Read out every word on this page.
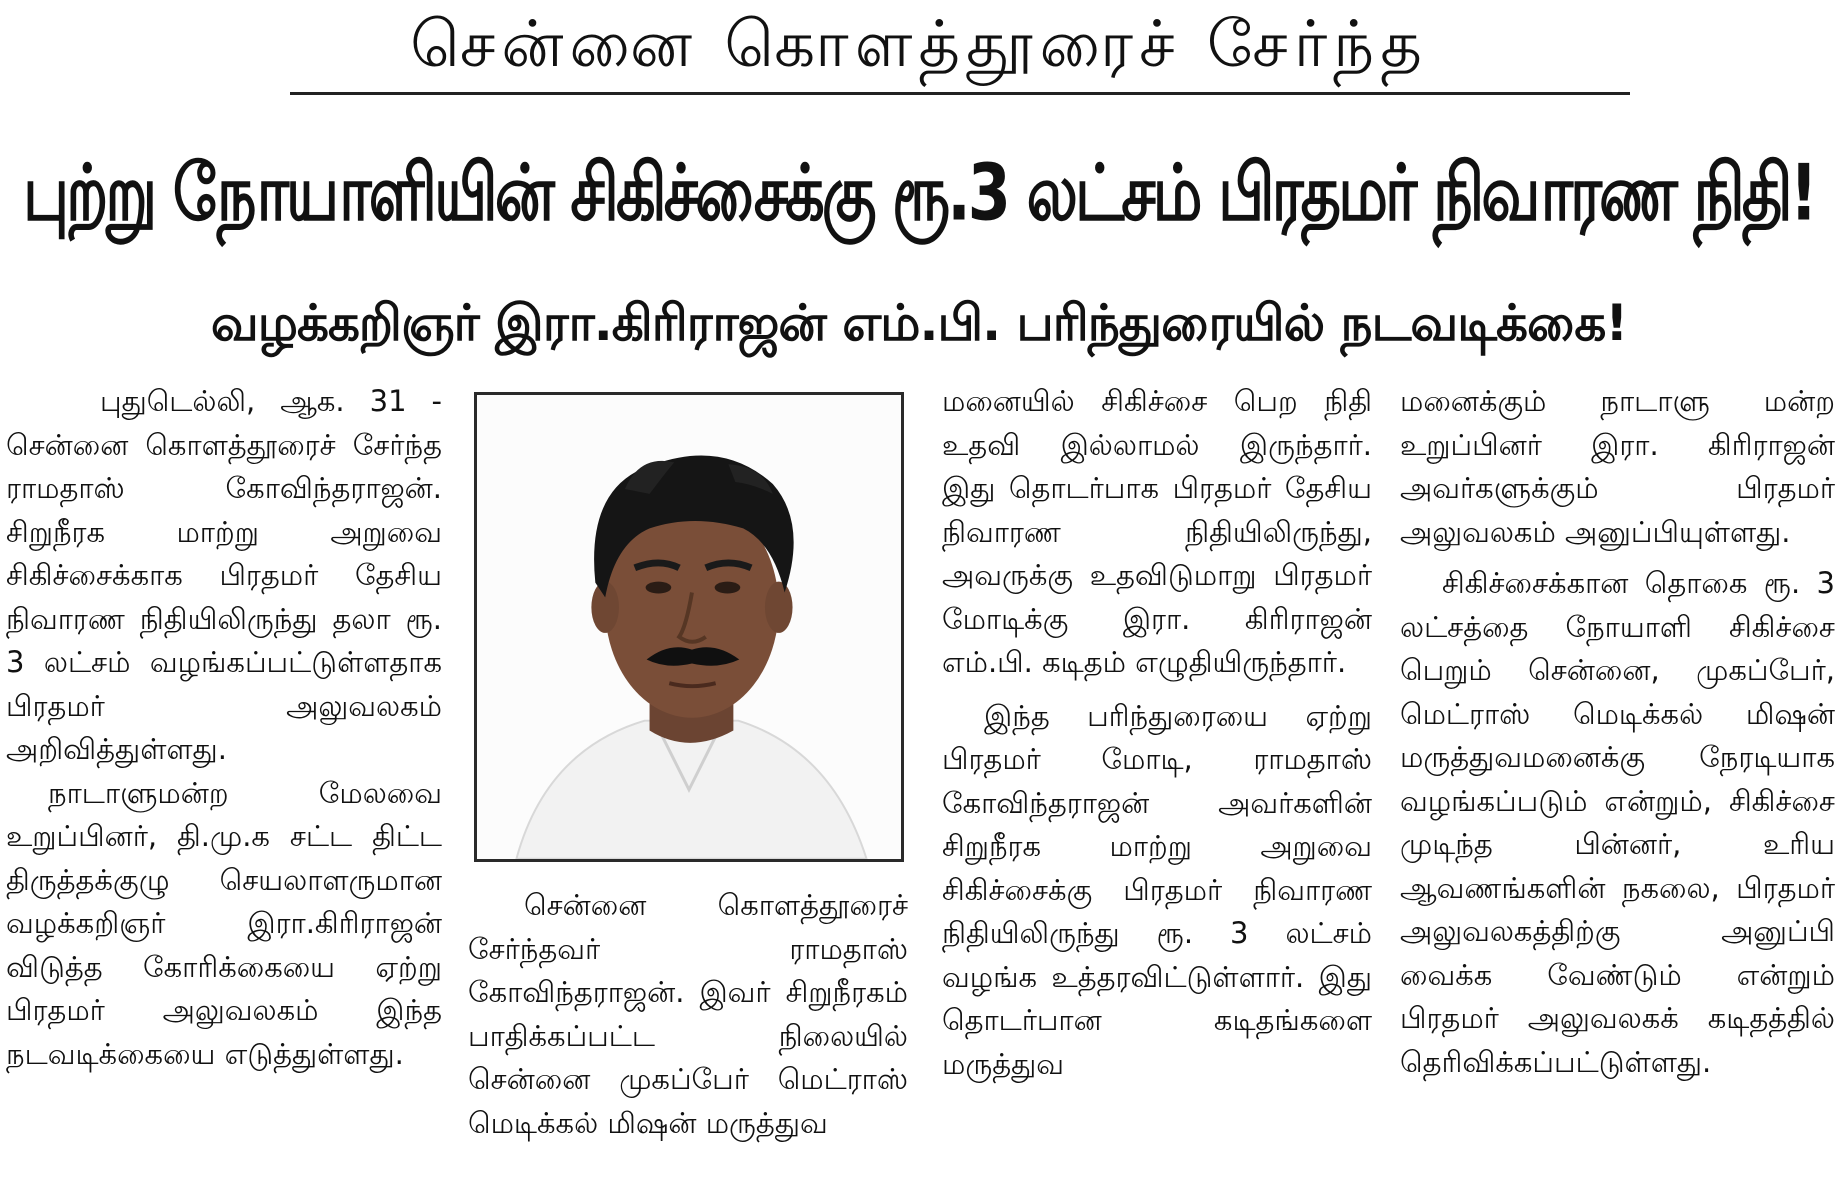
சென்னை கொளத்தூரைச் சேர்ந்த
புற்று நோயாளியின் சிகிச்சைக்கு ரூ.3 லட்சம் பிரதமர் நிவாரண நிதி!
வழக்கறிஞர் இரா.கிரிராஜன் எம்.பி. பரிந்துரையில் நடவடிக்கை!

புதுடெல்லி, ஆக. 31 - சென்னை கொளத்தூரைச் சேர்ந்த ராமதாஸ் கோவிந்தராஜன். சிறுநீரக மாற்று அறுவை சிகிச்சைக்காக பிரதமர் தேசிய நிவாரண நிதியிலிருந்து தலா ரூ. 3 லட்சம் வழங்கப்பட்டுள்ளதாக பிரதமர் அலுவலகம் அறிவித்துள்ளது.

நாடாளுமன்ற மேலவை உறுப்பினர், தி.மு.க சட்ட திட்ட திருத்தக்குழு செயலாளருமான வழக்கறிஞர் இரா.கிரிராஜன் விடுத்த கோரிக்கையை ஏற்று பிரதமர் அலுவலகம் இந்த நடவடிக்கையை எடுத்துள்ளது.

சென்னை கொளத்தூரைச் சேர்ந்தவர் ராமதாஸ் கோவிந்தராஜன். இவர் சிறுநீரகம் பாதிக்கப்பட்ட நிலையில் சென்னை முகப்பேர் மெட்ராஸ் மெடிக்கல் மிஷன் மருத்துவ

மனையில் சிகிச்சை பெற நிதி உதவி இல்லாமல் இருந்தார். இது தொடர்பாக பிரதமர் தேசிய நிவாரண நிதியிலிருந்து, அவருக்கு உதவிடுமாறு பிரதமர் மோடிக்கு இரா. கிரிராஜன் எம்.பி. கடிதம் எழுதியிருந்தார்.

இந்த பரிந்துரையை ஏற்று பிரதமர் மோடி, ராமதாஸ் கோவிந்தராஜன் அவர்களின் சிறுநீரக மாற்று அறுவை சிகிச்சைக்கு பிரதமர் நிவாரண நிதியிலிருந்து ரூ. 3 லட்சம் வழங்க உத்தரவிட்டுள்ளார். இது தொடர்பான கடிதங்களை மருத்துவ

மனைக்கும் நாடாளு மன்ற உறுப்பினர் இரா. கிரிராஜன் அவர்களுக்கும் பிரதமர் அலுவலகம் அனுப்பியுள்ளது.

சிகிச்சைக்கான தொகை ரூ. 3 லட்சத்தை நோயாளி சிகிச்சை பெறும் சென்னை, முகப்பேர், மெட்ராஸ் மெடிக்கல் மிஷன் மருத்துவமனைக்கு நேரடியாக வழங்கப்படும் என்றும், சிகிச்சை முடிந்த பின்னர், உரிய ஆவணங்களின் நகலை, பிரதமர் அலுவலகத்திற்கு அனுப்பி வைக்க வேண்டும் என்றும் பிரதமர் அலுவலகக் கடிதத்தில் தெரிவிக்கப்பட்டுள்ளது.
